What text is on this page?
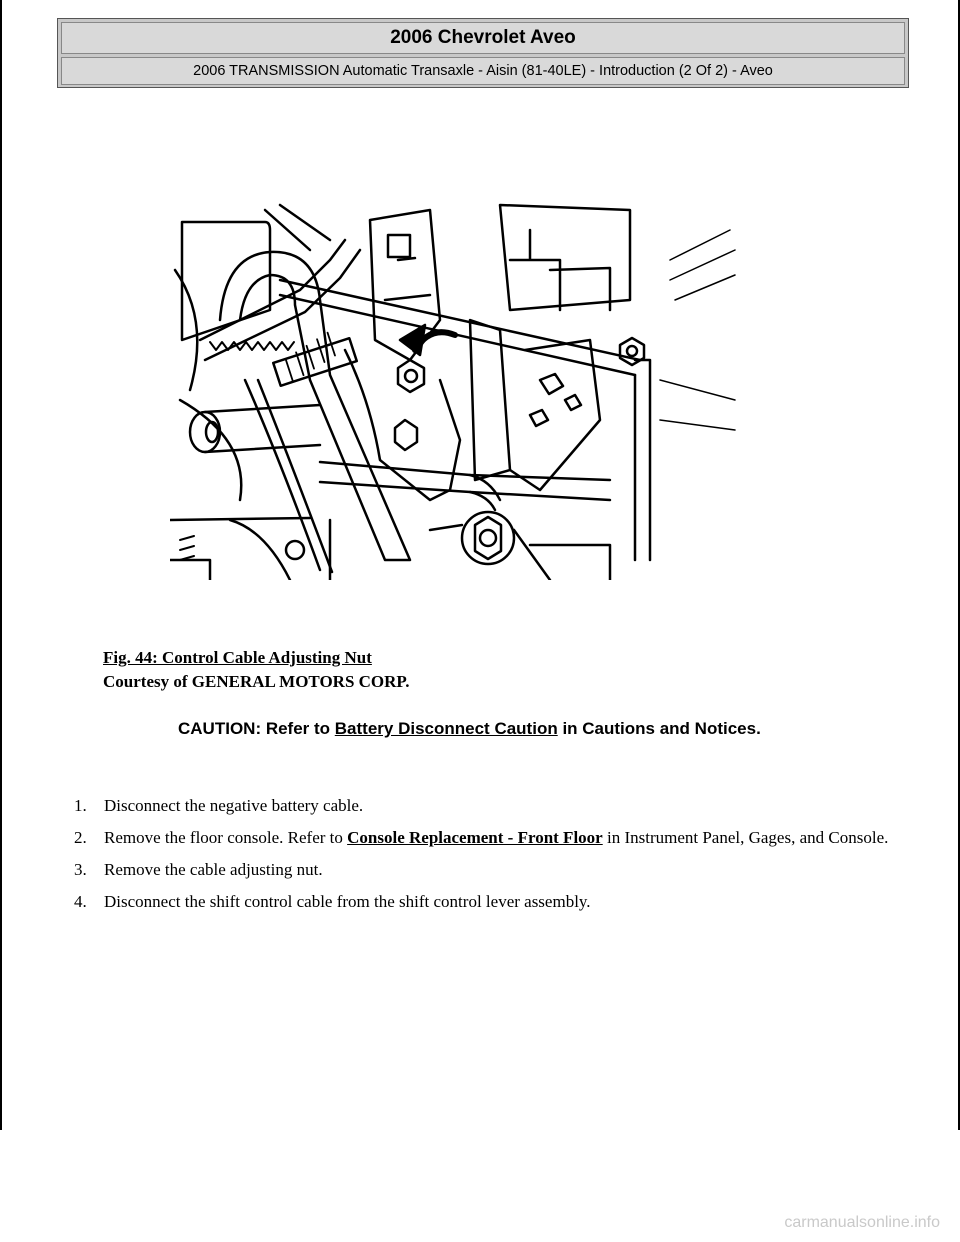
2006 Chevrolet Aveo
2006 TRANSMISSION Automatic Transaxle - Aisin (81-40LE) - Introduction (2 Of 2) - Aveo
Fig. 44: Control Cable Adjusting Nut
Courtesy of GENERAL MOTORS CORP.
CAUTION: Refer to Battery Disconnect Caution in Cautions and Notices.
1.	Disconnect the negative battery cable.
2.	Remove the floor console. Refer to Console Replacement - Front Floor in Instrument Panel, Gages, and Console.
3.	Remove the cable adjusting nut.
4.	Disconnect the shift control cable from the shift control lever assembly.
carmanualsonline.info
